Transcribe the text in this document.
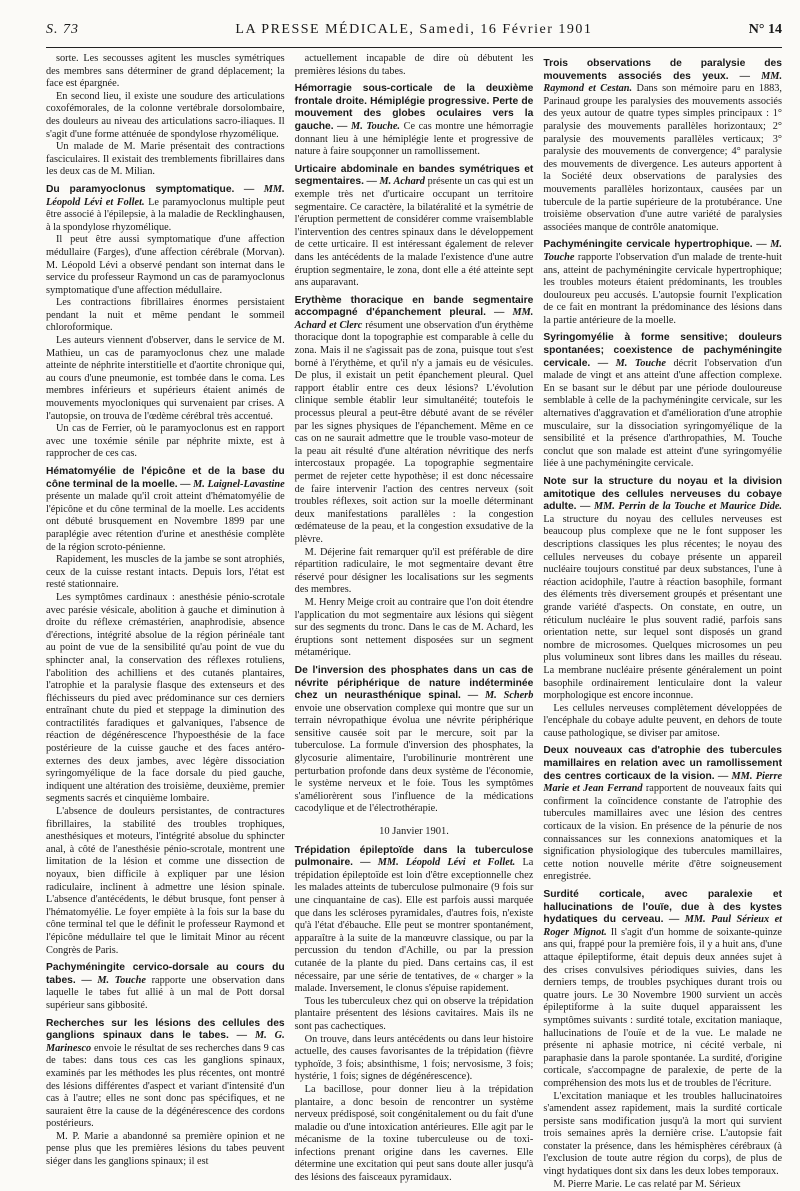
S. 73	LA PRESSE MÉDICALE, Samedi, 16 Février 1901	N° 14

sorte. Les secousses agitent les muscles symétriques des membres sans déterminer de grand déplacement; la face est épargnée.

En second lieu, il existe une soudure des articulations coxofémorales, de la colonne vertébrale dorsolombaire, des douleurs au niveau des articulations sacro-iliaques. Il s'agit d'une forme atténuée de spondylose rhyzomélique.

Un malade de M. Marie présentait des contractions fasciculaires. Il existait des tremblements fibrillaires dans les deux cas de M. Milian.

Du paramyoclonus symptomatique. — MM. Léopold Lévi et Follet. Le paramyoclonus multiple peut être associé à l'épilepsie, à la maladie de Recklinghausen, à la spondylose rhyzomélique.

Il peut être aussi symptomatique d'une affection médullaire (Farges), d'une affection cérébrale (Morvan). M. Léopold Lévi a observé pendant son internat dans le service du professeur Raymond un cas de paramyoclonus symptomatique d'une affection médullaire.

Les contractions fibrillaires énormes persistaient pendant la nuit et même pendant le sommeil chloroformique.

Les auteurs viennent d'observer, dans le service de M. Mathieu, un cas de paramyoclonus chez une malade atteinte de néphrite interstitielle et d'aortite chronique qui, au cours d'une pneumonie, est tombée dans le coma. Les membres inférieurs et supérieurs étaient animés de mouvements myocloniques qui survenaient par crises. A l'autopsie, on trouva de l'œdème cérébral très accentué.

Un cas de Ferrier, où le paramyoclonus est en rapport avec une toxémie sénile par néphrite mixte, est à rapprocher de ces cas.

Hématomyélie de l'épicône et de la base du cône terminal de la moelle. — M. Laignel-Lavastine présente un malade qu'il croit atteint d'hématomyélie de l'épicône et du cône terminal de la moelle. Les accidents ont débuté brusquement en Novembre 1899 par une paraplégie avec rétention d'urine et anesthésie complète de la région scroto-pénienne.

Rapidement, les muscles de la jambe se sont atrophiés, ceux de la cuisse restant intacts. Depuis lors, l'état est resté stationnaire.

Les symptômes cardinaux : anesthésie pénio-scrotale avec parésie vésicale, abolition à gauche et diminution à droite du réflexe crémastérien, anaphrodisie, absence d'érections, intégrité absolue de la région périnéale tant au point de vue de la sensibilité qu'au point de vue du sphincter anal, la conservation des réflexes rotuliens, l'abolition des achilliens et des cutanés plantaires, l'atrophie et la paralysie flasque des extenseurs et des fléchisseurs du pied avec prédominance sur ces derniers entraînant chute du pied et steppage la diminution des contractilités faradiques et galvaniques, l'absence de réaction de dégénérescence l'hypoesthésie de la face postérieure de la cuisse gauche et des faces antéro-externes des deux jambes, avec légère dissociation syringomyélique de la face dorsale du pied gauche, indiquent une altération des troisième, deuxième, premier segments sacrés et cinquième lombaire.

L'absence de douleurs persistantes, de contractures fibrillaires, la stabilité des troubles trophiques, anesthésiques et moteurs, l'intégrité absolue du sphincter anal, à côté de l'anesthésie pénio-scrotale, montrent une limitation de la lésion et comme une dissection de noyaux, bien difficile à expliquer par une lésion radiculaire, inclinent à admettre une lésion spinale. L'absence d'antécédents, le début brusque, font penser à l'hématomyélie. Le foyer empiète à la fois sur la base du cône terminal tel que le définit le professeur Raymond et l'épicône médullaire tel que le limitait Minor au récent Congrès de Paris.

Pachyméningite cervico-dorsale au cours du tabes. — M. Touche rapporte une observation dans laquelle le tabes fut allié à un mal de Pott dorsal supérieur sans gibbosité.

Recherches sur les lésions des cellules des ganglions spinaux dans le tabes. — M. G. Marinesco envoie le résultat de ses recherches dans 9 cas de tabes: dans tous ces cas les ganglions spinaux, examinés par les méthodes les plus récentes, ont montré des lésions différentes d'aspect et variant d'intensité d'un cas à l'autre; elles ne sont donc pas spécifiques, et ne sauraient être la cause de la dégénérescence des cordons postérieurs.

M. P. Marie a abandonné sa première opinion et ne pense plus que les premières lésions du tabes peuvent siéger dans les ganglions spinaux; il est

actuellement incapable de dire où débutent les premières lésions du tabes.

Hémorragie sous-corticale de la deuxième frontale droite. Hémiplégie progressive. Perte de mouvement des globes oculaires vers la gauche. — M. Touche. Ce cas montre une hémorragie donnant lieu à une hémiplégie lente et progressive de nature à faire soupçonner un ramollissement.

Urticaire abdominale en bandes symétriques et segmentaires. — M. Achard présente un cas qui est un exemple très net d'urticaire occupant un territoire segmentaire. Ce caractère, la bilatéralité et la symétrie de l'éruption permettent de considérer comme vraisemblable l'intervention des centres spinaux dans le développement de cette urticaire. Il est intéressant également de relever dans les antécédents de la malade l'existence d'une autre éruption segmentaire, le zona, dont elle a été atteinte sept ans auparavant.

Erythème thoracique en bande segmentaire accompagné d'épanchement pleural. — MM. Achard et Clerc résument une observation d'un érythème thoracique dont la topographie est comparable à celle du zona. Mais il ne s'agissait pas de zona, puisque tout s'est borné à l'érythème, et qu'il n'y a jamais eu de vésicules. De plus, il existait un petit épanchement pleural. Quel rapport établir entre ces deux lésions? L'évolution clinique semble établir leur simultanéité; toutefois le processus pleural a peut-être débuté avant de se révéler par les signes physiques de l'épanchement. Même en ce cas on ne saurait admettre que le trouble vaso-moteur de la peau ait résulté d'une altération névritique des nerfs intercostaux propagée. La topographie segmentaire permet de rejeter cette hypothèse; il est donc nécessaire de faire intervenir l'action des centres nerveux (soit troubles réflexes, soit action sur la moelle déterminant deux manifestations parallèles : la congestion œdémateuse de la peau, et la congestion exsudative de la plèvre.

M. Déjerine fait remarquer qu'il est préférable de dire répartition radiculaire, le mot segmentaire devant être réservé pour désigner les localisations sur les segments des membres.

M. Henry Meige croit au contraire que l'on doit étendre l'application du mot segmentaire aux lésions qui siègent sur des segments du tronc. Dans le cas de M. Achard, les éruptions sont nettement disposées sur un segment métamérique.

De l'inversion des phosphates dans un cas de névrite périphérique de nature indéterminée chez un neurasthénique spinal. — M. Scherb envoie une observation complexe qui montre que sur un terrain névropathique évolua une névrite périphérique sensitive causée soit par le mercure, soit par la tuberculose. La formule d'inversion des phosphates, la glycosurie alimentaire, l'urobilinurie montrèrent une perturbation profonde dans deux système de l'économie, le système nerveux et le foie. Tous les symptômes s'améliorèrent sous l'influence de la médications cacodylique et de l'électrothérapie.

10 Janvier 1901.

Trépidation épileptoïde dans la tuberculose pulmonaire. — MM. Léopold Lévi et Follet. La trépidation épileptoïde est loin d'être exceptionnelle chez les malades atteints de tuberculose pulmonaire (9 fois sur une cinquantaine de cas). Elle est parfois aussi marquée que dans les scléroses pyramidales, d'autres fois, n'existe qu'à l'état d'ébauche. Elle peut se montrer spontanément, apparaître à la suite de la manœuvre classique, ou par la percussion du tendon d'Achille, ou par la pression cutanée de la plante du pied. Dans certains cas, il est nécessaire, par une série de tentatives, de « charger » la malade. Inversement, le clonus s'épuise rapidement.

Tous les tuberculeux chez qui on observe la trépidation plantaire présentent des lésions cavitaires. Mais ils ne sont pas cachectiques.

On trouve, dans leurs antécédents ou dans leur histoire actuelle, des causes favorisantes de la trépidation (fièvre typhoïde, 3 fois; absinthisme, 1 fois; nervosisme, 3 fois; hystérie, 1 fois; signes de dégénérescence).

La bacillose, pour donner lieu à la trépidation plantaire, a donc besoin de rencontrer un système nerveux prédisposé, soit congénitalement ou du fait d'une maladie ou d'une intoxication antérieures. Elle agit par le mécanisme de la toxine tuberculeuse ou de toxi-infections prenant origine dans les cavernes. Elle détermine une excitation qui peut sans doute aller jusqu'à des lésions des faisceaux pyramidaux.

Trois observations de paralysie des mouvements associés des yeux. — MM. Raymond et Cestan. Dans son mémoire paru en 1883, Parinaud groupe les paralysies des mouvements associés des yeux autour de quatre types simples principaux : 1° paralysie des mouvements parallèles horizontaux; 2° paralysie des mouvements parallèles verticaux; 3° paralysie des mouvements de convergence; 4° paralysie des mouvements de divergence. Les auteurs apportent à la Société deux observations de paralysies des mouvements parallèles horizontaux, causées par un tubercule de la partie supérieure de la protubérance. Une troisième observation d'une autre variété de paralysies associées manque de contrôle anatomique.

Pachyméningite cervicale hypertrophique. — M. Touche rapporte l'observation d'un malade de trente-huit ans, atteint de pachyméningite cervicale hypertrophique; les troubles moteurs étaient prédominants, les troubles douloureux peu accusés. L'autopsie fournit l'explication de ce fait en montrant la prédominance des lésions dans la partie antérieure de la moelle.

Syringomyélie à forme sensitive; douleurs spontanées; coexistence de pachyméningite cervicale. — M. Touche décrit l'observation d'un malade de vingt et ans atteint d'une affection complexe. En se basant sur le début par une période douloureuse semblable à celle de la pachyméningite cervicale, sur les alternatives d'aggravation et d'amélioration d'une atrophie musculaire, sur la dissociation syringomyélique de la sensibilité et la présence d'arthropathies, M. Touche conclut que son malade est atteint d'une syringomyélie liée à une pachyméningite cervicale.

Note sur la structure du noyau et la division amitotique des cellules nerveuses du cobaye adulte. — MM. Perrin de la Touche et Maurice Dide. La structure du noyau des cellules nerveuses est beaucoup plus complexe que ne le font supposer les descriptions classiques les plus récentes; le noyau des cellules nerveuses du cobaye présente un appareil nucléaire toujours constitué par deux substances, l'une à réaction acidophile, l'autre à réaction basophile, formant des éléments très diversement groupés et présentant une grande variété d'aspects. On constate, en outre, un réticulum nucléaire le plus souvent radié, parfois sans orientation nette, sur lequel sont disposés un grand nombre de microsomes. Quelques microsomes un peu plus volumineux sont libres dans les mailles du réseau. La membrane nucléaire présente généralement un point basophile ordinairement lenticulaire dont la valeur morphologique est encore inconnue.

Les cellules nerveuses complètement développées de l'encéphale du cobaye adulte peuvent, en dehors de toute cause pathologique, se diviser par amitose.

Deux nouveaux cas d'atrophie des tubercules mamillaires en relation avec un ramollissement des centres corticaux de la vision. — MM. Pierre Marie et Jean Ferrand rapportent de nouveaux faits qui confirment la coïncidence constante de l'atrophie des tubercules mamillaires avec une lésion des centres corticaux de la vision. En présence de la pénurie de nos connaissances sur les connexions anatomiques et la signification physiologique des tubercules mamillaires, cette notion nouvelle mérite d'être soigneusement enregistrée.

Surdité corticale, avec paralexie et hallucinations de l'ouïe, due à des kystes hydatiques du cerveau. — MM. Paul Sérieux et Roger Mignot. Il s'agit d'un homme de soixante-quinze ans qui, frappé pour la première fois, il y a huit ans, d'une attaque épileptiforme, était depuis deux années sujet à des crises convulsives périodiques suivies, dans les derniers temps, de troubles psychiques durant trois ou quatre jours. Le 30 Novembre 1900 survient un accès épileptiforme à la suite duquel apparaissent les symptômes suivants : surdité totale, excitation maniaque, hallucinations de l'ouïe et de la vue. Le malade ne présente ni aphasie motrice, ni cécité verbale, ni paraphasie dans la parole spontanée. La surdité, d'origine corticale, s'accompagne de paralexie, de perte de la compréhension des mots lus et de troubles de l'écriture.

L'excitation maniaque et les troubles hallucinatoires s'amendent assez rapidement, mais la surdité corticale persiste sans modification jusqu'à la mort qui survient trois semaines après la dernière crise. L'autopsie fait constater la présence, dans les hémisphères cérébraux (à l'exclusion de toute autre région du corps), de plus de vingt hydatiques dont six dans les deux lobes temporaux.

M. Pierre Marie. Le cas relaté par M. Sérieux
